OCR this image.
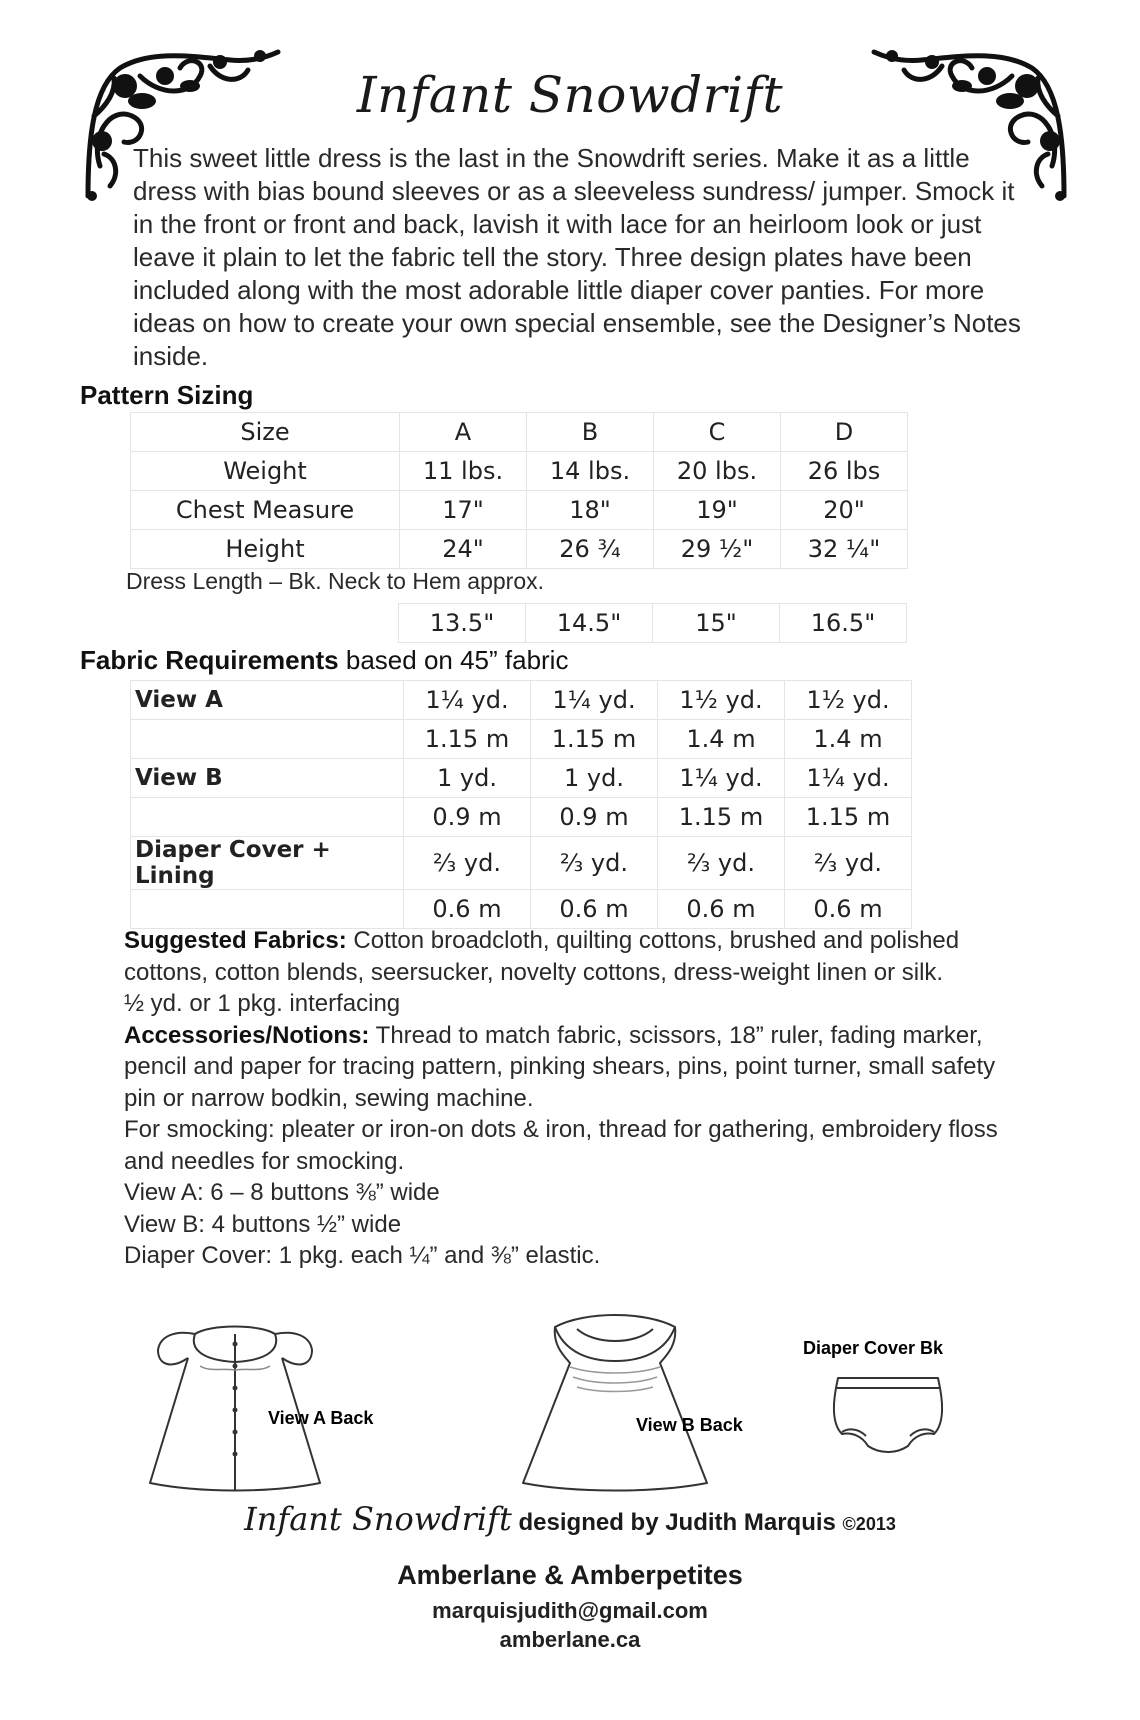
Infant Snowdrift
This sweet little dress is the last in the Snowdrift series. Make it as a little dress with bias bound sleeves or as a sleeveless sundress/ jumper. Smock it in the front or front and back, lavish it with lace for an heirloom look or just leave it plain to let the fabric tell the story. Three design plates have been included along with the most adorable little diaper cover panties. For more ideas on how to create your own special ensemble, see the Designer’s Notes inside.
Pattern Sizing
Size	A	B	C	D
Weight	11 lbs.	14 lbs.	20 lbs.	26 lbs
Chest Measure	17"	18"	19"	20"
Height	24"	26 ¾	29 ½"	32 ¼"
Dress Length – Bk. Neck to Hem approx.
13.5"	14.5"	15"	16.5"
Fabric Requirements based on 45” fabric
View A	1¼ yd.	1¼ yd.	1½ yd.	1½ yd.
	1.15 m	1.15 m	1.4 m	1.4 m
View B	1 yd.	1 yd.	1¼ yd.	1¼ yd.
	0.9 m	0.9 m	1.15 m	1.15 m
Diaper Cover + Lining	⅔ yd.	⅔ yd.	⅔ yd.	⅔ yd.
	0.6 m	0.6 m	0.6 m	0.6 m

Suggested Fabrics: Cotton broadcloth, quilting cottons, brushed and polished cottons, cotton blends, seersucker, novelty cottons, dress-weight linen or silk.

½ yd. or 1 pkg. interfacing

Accessories/Notions: Thread to match fabric, scissors, 18” ruler, fading marker, pencil and paper for tracing pattern, pinking shears, pins, point turner, small safety pin or narrow bodkin, sewing machine.

For smocking: pleater or iron-on dots & iron, thread for gathering, embroidery floss and needles for smocking.

View A: 6 – 8 buttons ⅜” wide

View B: 4 buttons ½” wide

Diaper Cover: 1 pkg. each ¼” and ⅜” elastic.

View A Back	View B Back
Diaper Cover Bk
Infant Snowdrift designed by Judith Marquis ©2013
Amberlane & Amberpetites
marquisjudith@gmail.com
amberlane.ca
